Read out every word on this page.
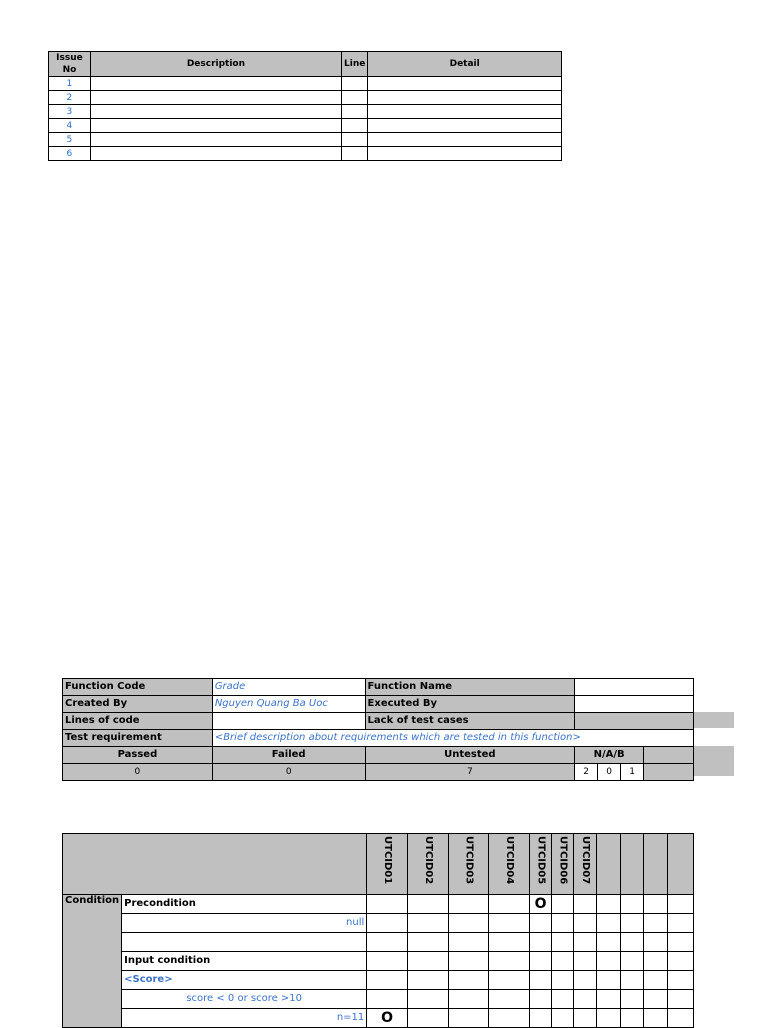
Issue No	Description	Line	Detail
1			
2			
3			
4			
5			
6			
Function Code	Grade	Function Name				
Created By	Nguyen Quang Ba Uoc	Executed By				
Lines of code		Lack of test cases				
Test requirement	<Brief description about requirements which are tested in this function>					
Passed	Failed	Untested	N/A/B			
0	0	7	2	0	1	
		UTCID01	UTCID02	UTCID03	UTCID04	UTCID05	UTCID06	UTCID07				
Condition	Precondition					O						
	null											

	Input condition											
	<Score>											
	score < 0 or score >10											
	n=11	O										
